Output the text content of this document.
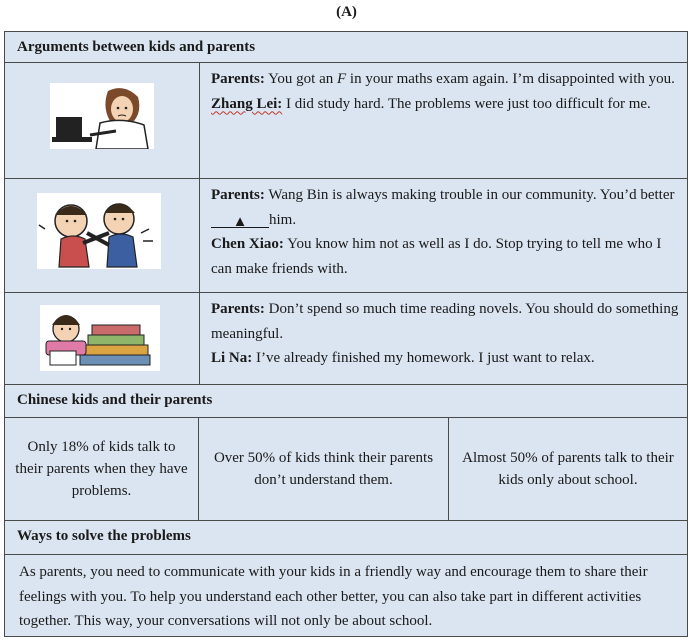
(A)
Arguments between kids and parents
Parents: You got an F in your maths exam again. I’m disappointed with you.
Zhang Lei: I did study hard. The problems were just too difficult for me.
Parents: Wang Bin is always making trouble in our community. You’d better▲ him.
Chen Xiao: You know him not as well as I do. Stop trying to tell me who I can make friends with.
Parents: Don’t spend so much time reading novels. You should do something meaningful.
Li Na: I’ve already finished my homework. I just want to relax.
Chinese kids and their parents
Only 18% of kids talk to their parents when they have problems.
Over 50% of kids think their parents don’t understand them.
Almost 50% of parents talk to their kids only about school.
Ways to solve the problems
As parents, you need to communicate with your kids in a friendly way and encourage them to share their feelings with you. To help you understand each other better, you can also take part in different activities together. This way, your conversations will not only be about school.
